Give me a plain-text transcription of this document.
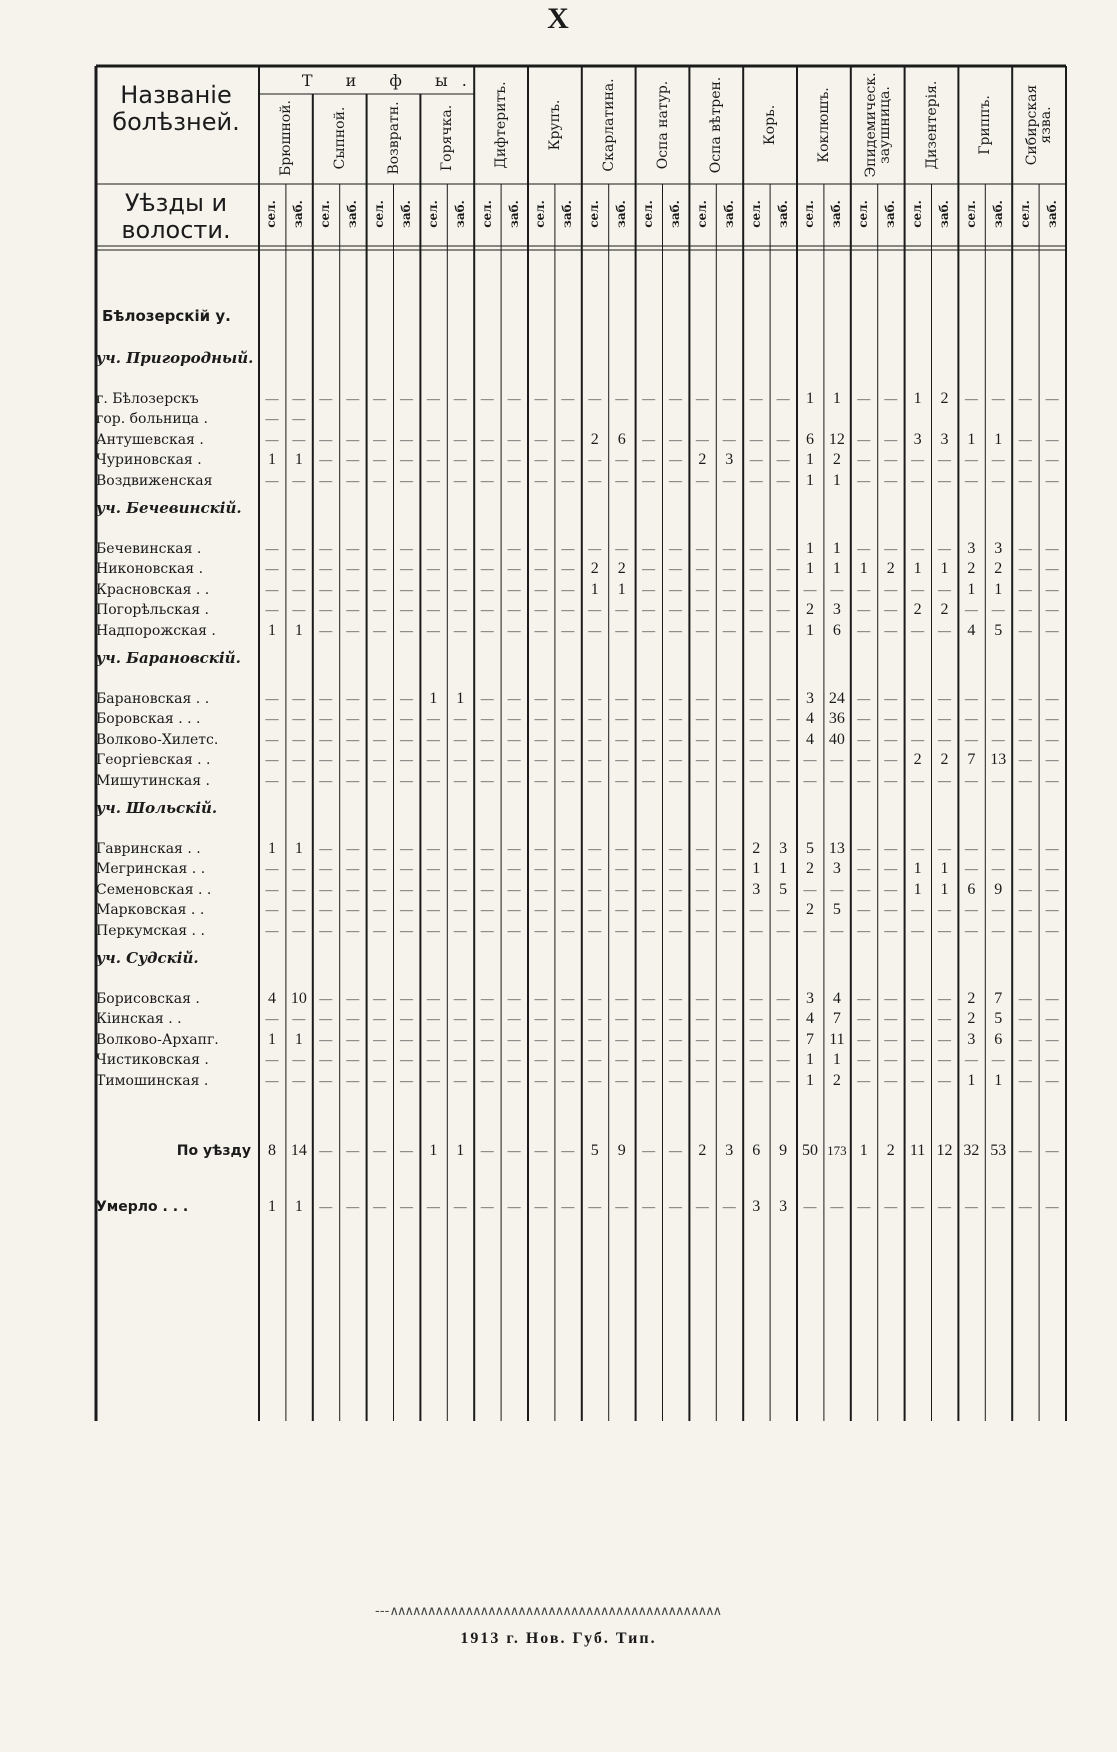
X
Названіе болѣзней.
Уѣзды и волости.
Т и ф ы.
Брюшной.	Сыпной.	Возвратн.	Горячка.	Дифтеритъ.	Крупъ.	Скарлатина.	Оспа натур.	Оспа вѣтрен.	Корь.	Коклюшъ.	Эпидемическ. заушница.	Дизентерія.	Гриппъ.	Сибирская язва.
сел. заб. сел. заб. сел. заб. сел. заб. сел. заб. сел. заб. сел. заб. сел. заб. сел. заб. сел. заб. сел. заб. сел. заб. сел. заб. сел. заб. сел. заб.
Бѣлозерскій у.
уч. Пригородный.
г. Бѣлозерскъ	—	—	—	—	—	—	—	—	—	—	—	—	—	—	—	—	—	—	—	—	1	1	—	—	1	2	—	—	—	—
гор. больница .	—	—
Антушевская .	—	—	—	—	—	—	—	—	—	—	—	—	2	6	—	—	—	—	—	—	6 12 —	—	3	3	1	1	—	—
Чуриновская .	1	1	—	—	—	—	—	—	—	—	—	—	—	—	—	—	2	3	—	—	1	2	—	—	—	—	—	—	—	—
Воздвиженская	—	—	—	—	—	—	—	—	—	—	—	—	—	—	—	—	—	—	—	—	1	1	—	—	—	—	—	—	—	—
уч. Бечевинскій.
Бечевинская .	—	—	—	—	—	—	—	—	—	—	—	—	—	—	—	—	—	—	—	—	1	1	—	—	—	—	3	3	—	—
Никоновская .	—	—	—	—	—	—	—	—	—	—	—	—	2	2	—	—	—	—	—	—	1	1	1	2	1	1	2	2	—	—
Красновская . .	—	—	—	—	—	—	—	—	—	—	—	—	1	1	—	—	—	—	—	—	—	—	—	—	—	—	1	1	—	—
Погорѣльская .	—	—	—	—	—	—	—	—	—	—	—	—	—	—	—	—	—	—	—	—	2	3	—	—	2	2	—	—	—	—
Надпорожская .	1	1	—	—	—	—	—	—	—	—	—	—	—	—	—	—	—	—	—	—	1	6	—	—	—	—	4	5	—	—
уч. Барановскій.
Барановская . .	—	—	—	—	—	—	1	1	—	—	—	—	—	—	—	—	—	—	—	—	3 24 —	—	—	—	—	—	—	—
Боровская . . .	—	—	—	—	—	—	—	—	—	—	—	—	—	—	—	—	—	—	—	—	4 36 —	—	—	—	—	—	—	—
Волково-Хилетс.	—	—	—	—	—	—	—	—	—	—	—	—	—	—	—	—	—	—	—	—	4 40 —	—	—	—	—	—	—	—
Георгіевская . .	—	—	—	—	—	—	—	—	—	—	—	—	—	—	—	—	—	—	—	—	—	—	—	—	2	2	7 13 —	—
Мишутинская .	—	—	—	—	—	—	—	—	—	—	—	—	—	—	—	—	—	—	—	—	—	—	—	—	—	—	—	—	—	—
уч. Шольскій.
Гавринская . .	1	1	—	—	—	—	—	—	—	—	—	—	—	—	—	—	—	—	2	3	5 13 —	—	—	—	—	—	—	—
Мегринская . .	—	—	—	—	—	—	—	—	—	—	—	—	—	—	—	—	—	—	1	1	2	3	—	—	1	1	—	—	—	—
Семеновская . .	—	—	—	—	—	—	—	—	—	—	—	—	—	—	—	—	—	—	3	5	—	—	—	—	1	1	6	9	—	—
Марковская . .	—	—	—	—	—	—	—	—	—	—	—	—	—	—	—	—	—	—	—	—	2	5	—	—	—	—	—	—	—	—
Перкумская . .	—	—	—	—	—	—	—	—	—	—	—	—	—	—	—	—	—	—	—	—	—	—	—	—	—	—	—	—	—	—
уч. Судскій.
Борисовская .	4 10 —	—	—	—	—	—	—	—	—	—	—	—	—	—	—	—	—	—	3	4	—	—	—	—	2	7	—	—
Кіинская . .	—	—	—	—	—	—	—	—	—	—	—	—	—	—	—	—	—	—	—	—	4	7	—	—	—	—	2	5	—	—
Волково-Архапг.	1	1	—	—	—	—	—	—	—	—	—	—	—	—	—	—	—	—	—	—	7 11 —	—	—	—	3	6	—	—
Чистиковская .	—	—	—	—	—	—	—	—	—	—	—	—	—	—	—	—	—	—	—	—	1	1	—	—	—	—	—	—	—	—
Тимошинская .	—	—	—	—	—	—	—	—	—	—	—	—	—	—	—	—	—	—	—	—	1	2	—	—	—	—	1	1	—	—
По уѣзду	8 14 —	—	—	—	1	1	—	—	—	—	5	9	—	—	2	3	6	9 50 173 1	2 11 12 32 53 —	—
Умерло . . .	1	1	—	—	—	—	—	—	—	—	—	—	—	—	—	—	—	—	3	3	—	—	—	—	—	—	—	—	—	—
- - - ∧∧∧∧∧∧∧∧∧∧∧∧∧∧∧∧∧∧∧∧∧∧∧∧∧∧∧∧∧∧∧∧∧∧∧∧∧∧∧∧∧∧∧∧
1913 г. Нов. Губ. Тип.
